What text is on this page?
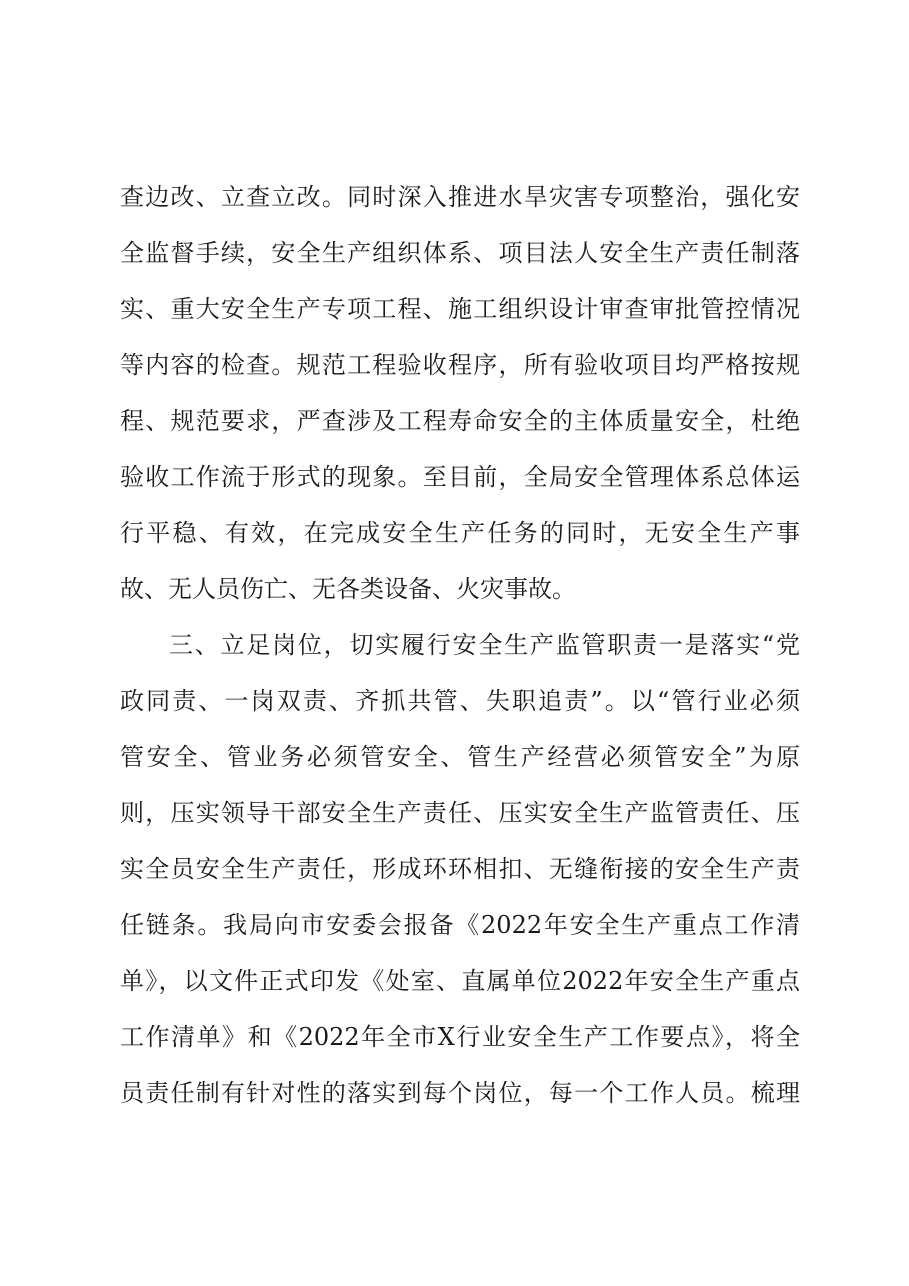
查边改、立查立改。同时深入推进水旱灾害专项整治，强化安
全监督手续，安全生产组织体系、项目法人安全生产责任制落
实、重大安全生产专项工程、施工组织设计审查审批管控情况
等内容的检查。规范工程验收程序，所有验收项目均严格按规
程、规范要求，严查涉及工程寿命安全的主体质量安全，杜绝
验收工作流于形式的现象。至目前，全局安全管理体系总体运
行平稳、有效，在完成安全生产任务的同时，无安全生产事
故、无人员伤亡、无各类设备、火灾事故。
三、立足岗位，切实履行安全生产监管职责一是落实“党
政同责、一岗双责、齐抓共管、失职追责”。以“管行业必须
管安全、管业务必须管安全、管生产经营必须管安全”为原
则，压实领导干部安全生产责任、压实安全生产监管责任、压
实全员安全生产责任，形成环环相扣、无缝衔接的安全生产责
任链条。我局向市安委会报备《2022年安全生产重点工作清
单》，以文件正式印发《处室、直属单位2022年安全生产重点
工作清单》和《2022年全市X行业安全生产工作要点》，将全
员责任制有针对性的落实到每个岗位，每一个工作人员。梳理
